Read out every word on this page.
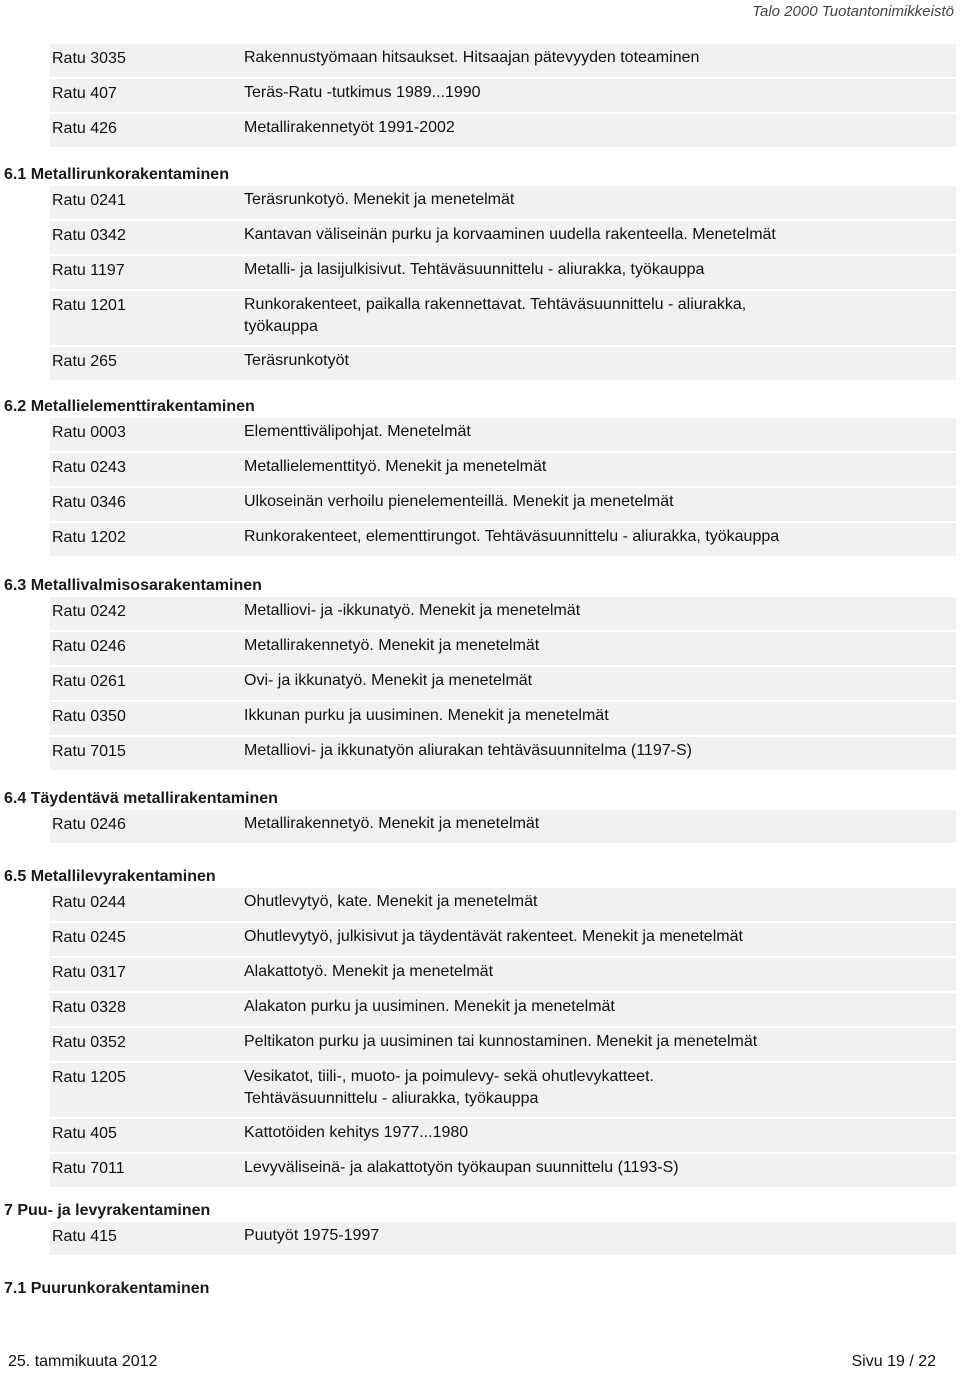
Talo 2000 Tuotantonimikkeistö
Ratu 3035	Rakennustyömaan hitsaukset. Hitsaajan pätevyyden toteaminen
Ratu 407	Teräs-Ratu -tutkimus 1989...1990
Ratu 426	Metallirakennetyöt 1991-2002
6.1 Metallirunkorakentaminen
Ratu 0241	Teräsrunkotyö. Menekit ja menetelmät
Ratu 0342	Kantavan väliseinän purku ja korvaaminen uudella rakenteella. Menetelmät
Ratu 1197	Metalli- ja lasijulkisivut. Tehtäväsuunnittelu - aliurakka, työkauppa
Ratu 1201	Runkorakenteet, paikalla rakennettavat. Tehtäväsuunnittelu - aliurakka, työkauppa
Ratu 265	Teräsrunkotyöt
6.2 Metallielementtirakentaminen
Ratu 0003	Elementtivälipohjat. Menetelmät
Ratu 0243	Metallielementtityö. Menekit ja menetelmät
Ratu 0346	Ulkoseinän verhoilu pienelementeillä. Menekit ja menetelmät
Ratu 1202	Runkorakenteet, elementtirungot. Tehtäväsuunnittelu - aliurakka, työkauppa
6.3 Metallivalmisosarakentaminen
Ratu 0242	Metalliovi- ja -ikkunatyö. Menekit ja menetelmät
Ratu 0246	Metallirakennetyö. Menekit ja menetelmät
Ratu 0261	Ovi- ja ikkunatyö. Menekit ja menetelmät
Ratu 0350	Ikkunan purku ja uusiminen. Menekit ja menetelmät
Ratu 7015	Metalliovi- ja ikkunatyön aliurakan tehtäväsuunnitelma (1197-S)
6.4 Täydentävä metallirakentaminen
Ratu 0246	Metallirakennetyö. Menekit ja menetelmät
6.5 Metallilevyrakentaminen
Ratu 0244	Ohutlevytyö, kate. Menekit ja menetelmät
Ratu 0245	Ohutlevytyö, julkisivut ja täydentävät rakenteet. Menekit ja menetelmät
Ratu 0317	Alakattotyö. Menekit ja menetelmät
Ratu 0328	Alakaton purku ja uusiminen. Menekit ja menetelmät
Ratu 0352	Peltikaton purku ja uusiminen tai kunnostaminen. Menekit ja menetelmät
Ratu 1205	Vesikatot, tiili-, muoto- ja poimulevy- sekä ohutlevykatteet. Tehtäväsuunnittelu - aliurakka, työkauppa
Ratu 405	Kattotöiden kehitys 1977...1980
Ratu 7011	Levyväliseinä- ja alakattotyön työkaupan suunnittelu (1193-S)
7 Puu- ja levyrakentaminen
Ratu 415	Puutyöt 1975-1997
7.1 Puurunkorakentaminen
25. tammikuuta 2012	Sivu 19 / 22
